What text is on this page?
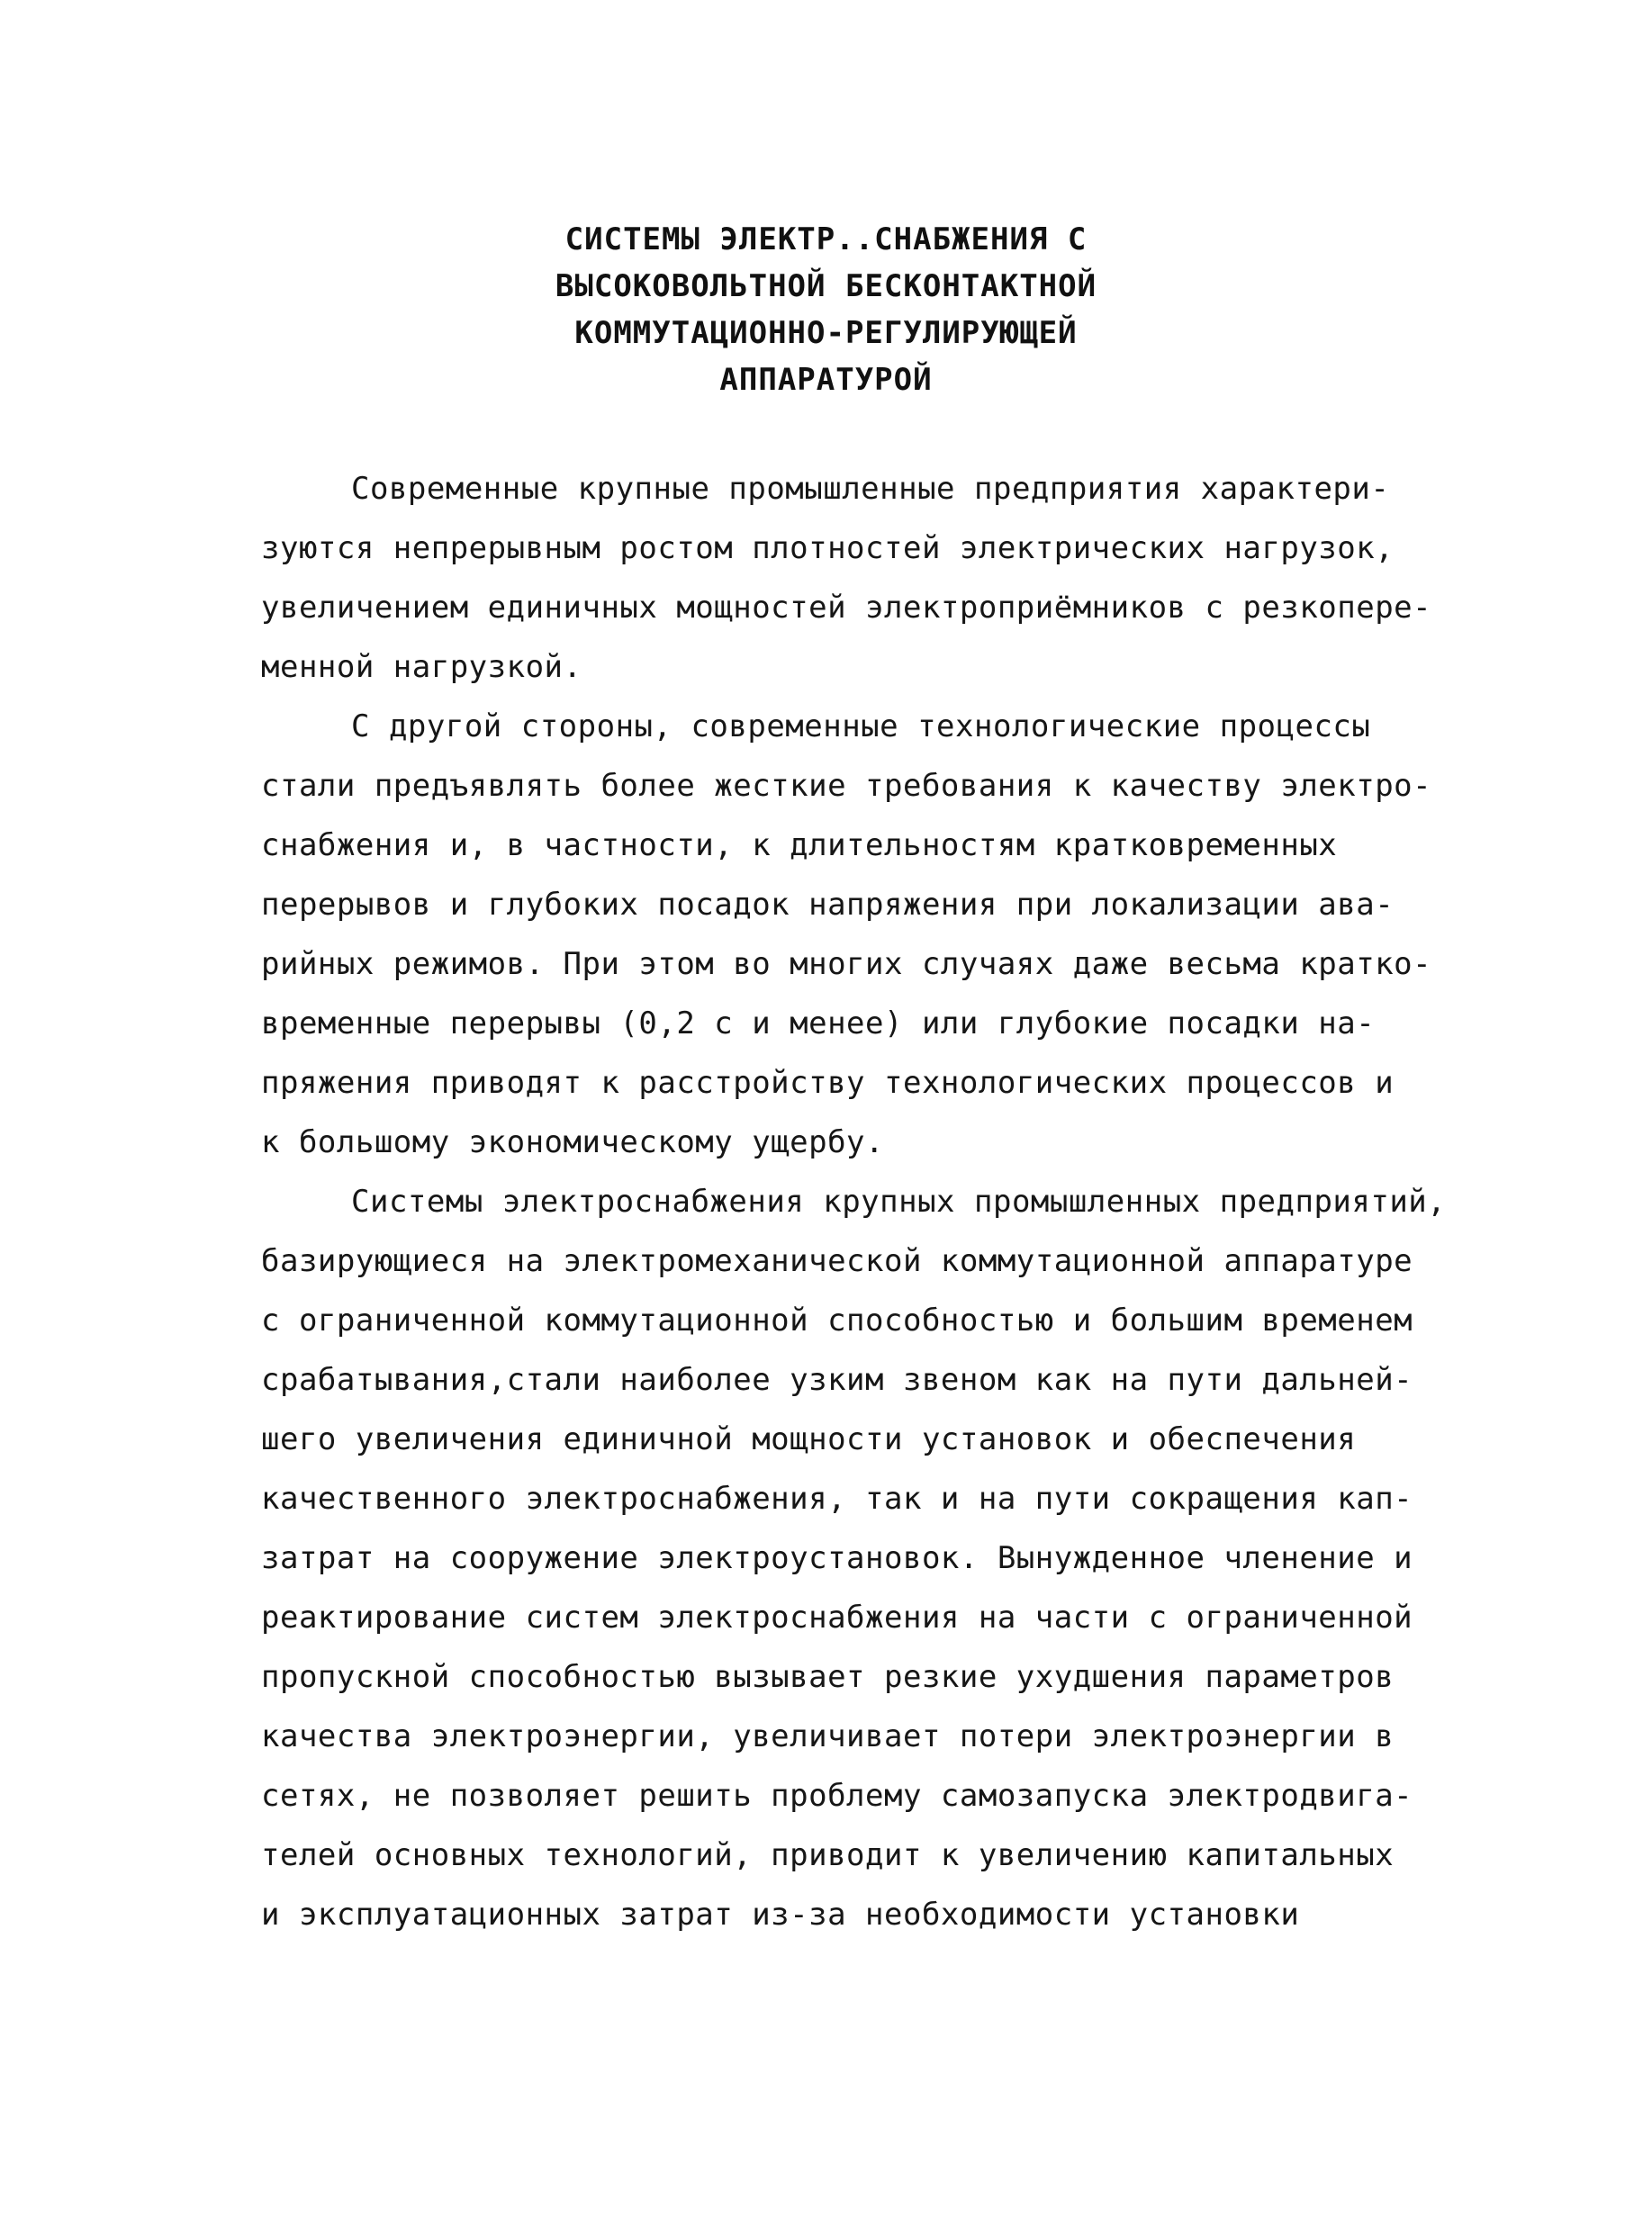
СИСТЕМЫ ЭЛЕКТР..СНАБЖЕНИЯ С
ВЫСОКОВОЛЬТНОЙ БЕСКОНТАКТНОЙ
КОММУТАЦИОННО-РЕГУЛИРУЮЩЕЙ
АППАРАТУРОЙ
Современные крупные промышленные предприятия характери-
зуются непрерывным ростом плотностей электрических нагрузок,
увеличением единичных мощностей электроприёмников с резкопере-
менной нагрузкой.
С другой стороны, современные технологические процессы
стали предъявлять более жесткие требования к качеству электро-
снабжения и, в частности, к длительностям кратковременных
перерывов и глубоких посадок напряжения при локализации ава-
рийных режимов. При этом во многих случаях даже весьма кратко-
временные перерывы (0,2 с и менее) или глубокие посадки на-
пряжения приводят к расстройству технологических процессов и
к большому экономическому ущербу.
Системы электроснабжения крупных промышленных предприятий,
базирующиеся на электромеханической коммутационной аппаратуре
с ограниченной коммутационной способностью и большим временем
срабатывания,стали наиболее узким звеном как на пути дальней-
шего увеличения единичной мощности установок и обеспечения
качественного электроснабжения, так и на пути сокращения кап-
затрат на сооружение электроустановок. Вынужденное членение и
реактирование систем электроснабжения на части с ограниченной
пропускной способностью вызывает резкие ухудшения параметров
качества электроэнергии, увеличивает потери электроэнергии в
сетях, не позволяет решить проблему самозапуска электродвига-
телей основных технологий, приводит к увеличению капитальных
и эксплуатационных затрат из-за необходимости установки
